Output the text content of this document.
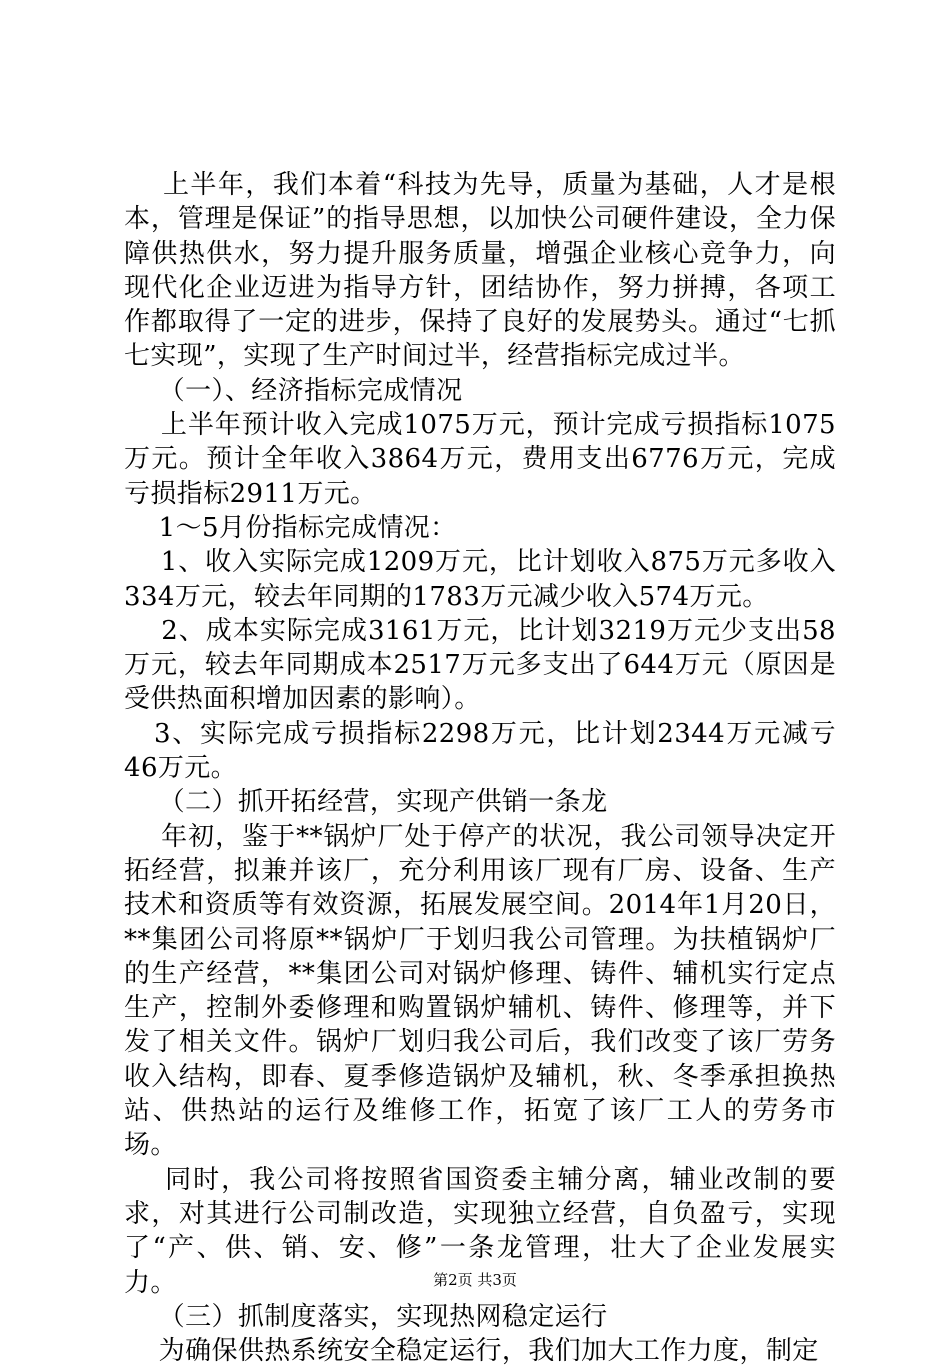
上半年，我们本着“科技为先导，质量为基础，人才是根本，管理是保证”的指导思想，以加快公司硬件建设，全力保障供热供水，努力提升服务质量，增强企业核心竞争力，向现代化企业迈进为指导方针，团结协作，努力拼搏，各项工作都取得了一定的进步，保持了良好的发展势头。通过“七抓七实现”，实现了生产时间过半，经营指标完成过半。

（一）、经济指标完成情况

上半年预计收入完成1075万元，预计完成亏损指标1075万元。预计全年收入3864万元，费用支出6776万元，完成亏损指标2911万元。

1～5月份指标完成情况：

1、收入实际完成1209万元，比计划收入875万元多收入334万元，较去年同期的1783万元减少收入574万元。

2、成本实际完成3161万元，比计划3219万元少支出58万元，较去年同期成本2517万元多支出了644万元（原因是受供热面积增加因素的影响）。

3、实际完成亏损指标2298万元，比计划2344万元减亏46万元。

（二）抓开拓经营，实现产供销一条龙

年初，鉴于**锅炉厂处于停产的状况，我公司领导决定开拓经营，拟兼并该厂，充分利用该厂现有厂房、设备、生产技术和资质等有效资源，拓展发展空间。2014年1月20日，**集团公司将原**锅炉厂于划归我公司管理。为扶植锅炉厂的生产经营，**集团公司对锅炉修理、铸件、辅机实行定点生产，控制外委修理和购置锅炉辅机、铸件、修理等，并下发了相关文件。锅炉厂划归我公司后，我们改变了该厂劳务收入结构，即春、夏季修造锅炉及辅机，秋、冬季承担换热站、供热站的运行及维修工作，拓宽了该厂工人的劳务市场。

同时，我公司将按照省国资委主辅分离，辅业改制的要求，对其进行公司制改造，实现独立经营，自负盈亏，实现了“产、供、销、安、修”一条龙管理，壮大了企业发展实力。

（三）抓制度落实，实现热网稳定运行

为确保供热系统安全稳定运行，我们加大工作力度，制定

第2页 共3页
